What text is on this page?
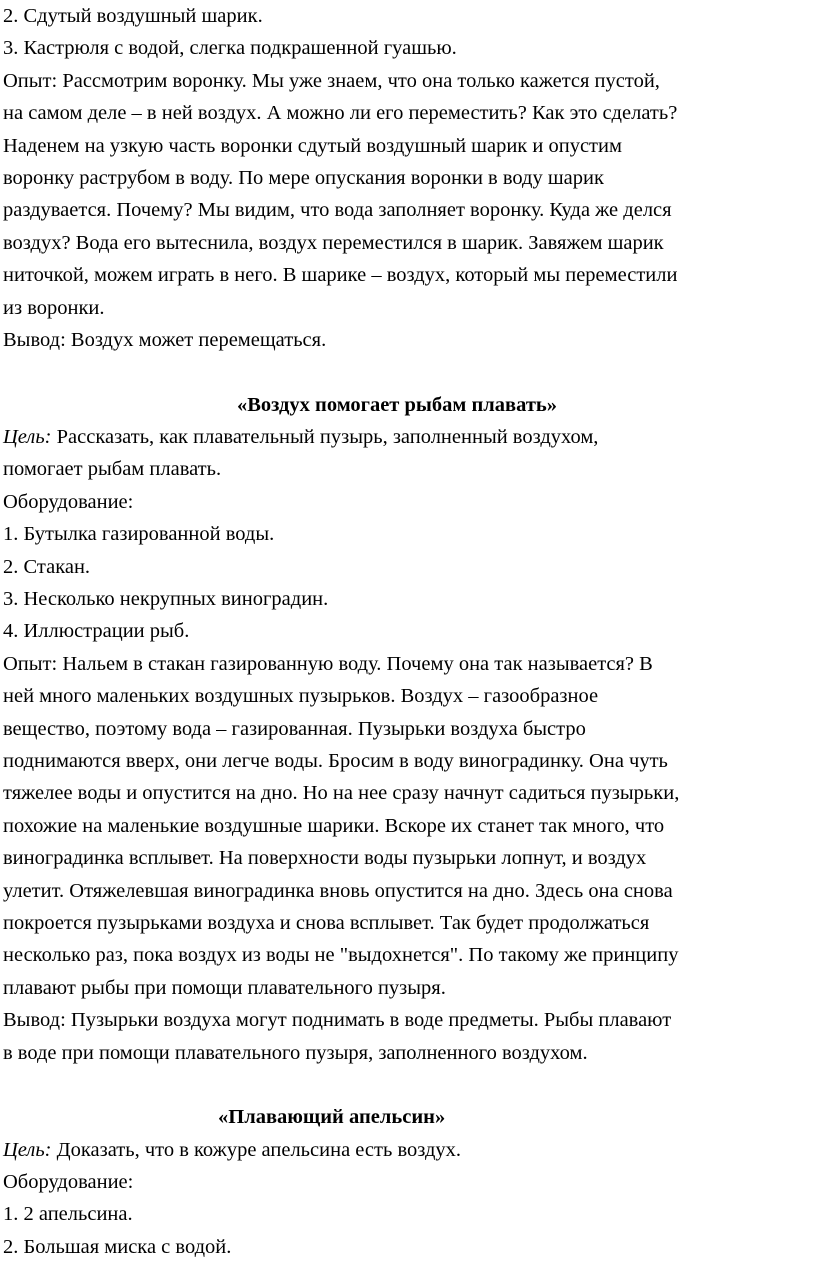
2. Сдутый воздушный шарик.
3. Кастрюля с водой, слегка подкрашенной гуашью.
Опыт: Рассмотрим воронку. Мы уже знаем, что она только кажется пустой,
на самом деле – в ней воздух. А можно ли его переместить? Как это сделать?
Наденем на узкую часть воронки сдутый воздушный шарик и опустим
воронку раструбом в воду. По мере опускания воронки в воду шарик
раздувается. Почему? Мы видим, что вода заполняет воронку. Куда же делся
воздух? Вода его вытеснила, воздух переместился в шарик. Завяжем шарик
ниточкой, можем играть в него. В шарике – воздух, который мы переместили
из воронки.
Вывод: Воздух может перемещаться.
«Воздух помогает рыбам плавать»
Цель: Рассказать, как плавательный пузырь, заполненный воздухом,
помогает рыбам плавать.
Оборудование:
1. Бутылка газированной воды.
2. Стакан.
3. Несколько некрупных виноградин.
4. Иллюстрации рыб.
Опыт: Нальем в стакан газированную воду. Почему она так называется? В
ней много маленьких воздушных пузырьков. Воздух – газообразное
вещество, поэтому вода – газированная. Пузырьки воздуха быстро
поднимаются вверх, они легче воды. Бросим в воду виноградинку. Она чуть
тяжелее воды и опустится на дно. Но на нее сразу начнут садиться пузырьки,
похожие на маленькие воздушные шарики. Вскоре их станет так много, что
виноградинка всплывет. На поверхности воды пузырьки лопнут, и воздух
улетит. Отяжелевшая виноградинка вновь опустится на дно. Здесь она снова
покроется пузырьками воздуха и снова всплывет. Так будет продолжаться
несколько раз, пока воздух из воды не "выдохнется". По такому же принципу
плавают рыбы при помощи плавательного пузыря.
Вывод: Пузырьки воздуха могут поднимать в воде предметы. Рыбы плавают
в воде при помощи плавательного пузыря, заполненного воздухом.
«Плавающий апельсин»
Цель: Доказать, что в кожуре апельсина есть воздух.
Оборудование:
1. 2 апельсина.
2. Большая миска с водой.
